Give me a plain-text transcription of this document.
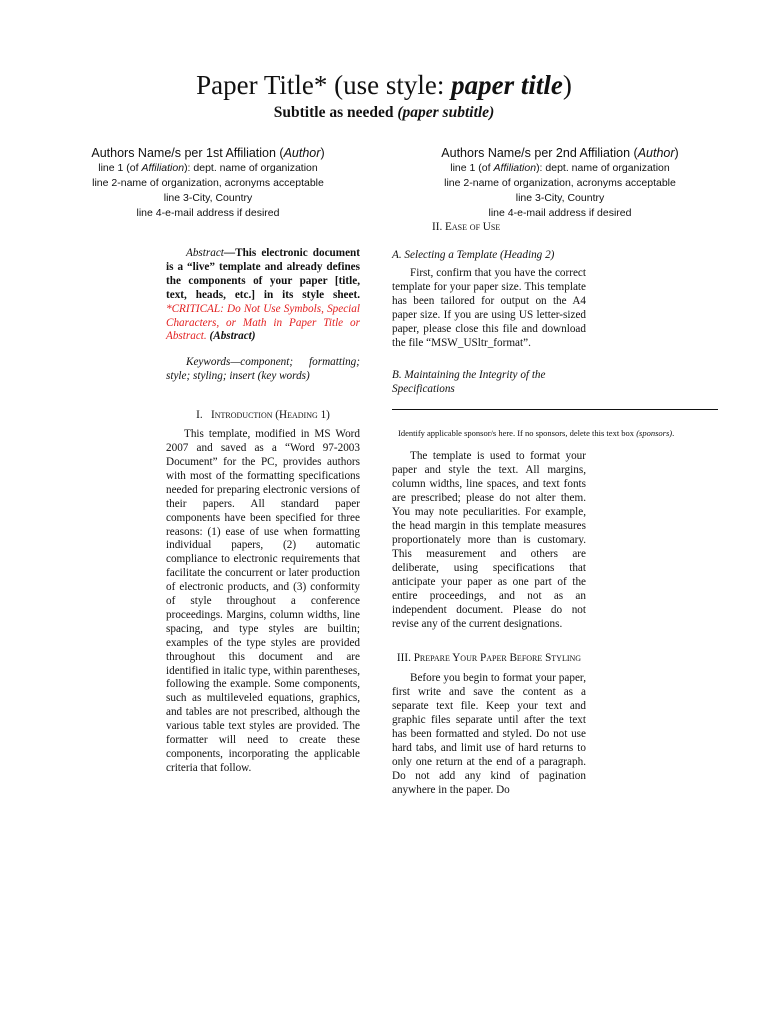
Paper Title* (use style: paper title)
Subtitle as needed (paper subtitle)
Authors Name/s per 1st Affiliation (Author)
line 1 (of Affiliation): dept. name of organization
line 2-name of organization, acronyms acceptable
line 3-City, Country
line 4-e-mail address if desired
Authors Name/s per 2nd Affiliation (Author)
line 1 (of Affiliation): dept. name of organization
line 2-name of organization, acronyms acceptable
line 3-City, Country
line 4-e-mail address if desired

Abstract—This electronic document is a “live” template and already defines the components of your paper [title, text, heads, etc.] in its style sheet. *CRITICAL: Do Not Use Symbols, Special Characters, or Math in Paper Title or Abstract. (Abstract)

Keywords—component; formatting; style; styling; insert (key words)

I. Introduction (Heading 1)

This template, modified in MS Word 2007 and saved as a “Word 97-2003 Document” for the PC, provides authors with most of the formatting specifications needed for preparing electronic versions of their papers. All standard paper components have been specified for three reasons: (1) ease of use when formatting individual papers, (2) automatic compliance to electronic requirements that facilitate the concurrent or later production of electronic products, and (3) conformity of style throughout a conference proceedings. Margins, column widths, line spacing, and type styles are builtin; examples of the type styles are provided throughout this document and are identified in italic type, within parentheses, following the example. Some components, such as multileveled equations, graphics, and tables are not prescribed, although the various table text styles are provided. The formatter will need to create these components, incorporating the applicable criteria that follow.

II. Ease of Use
A. Selecting a Template (Heading 2)

First, confirm that you have the correct template for your paper size. This template has been tailored for output on the A4 paper size. If you are using US letter-sized paper, please close this file and download the file “MSW_USltr_format”.

B. Maintaining the Integrity of the Specifications
Identify applicable sponsor/s here. If no sponsors, delete this text box (sponsors).

The template is used to format your paper and style the text. All margins, column widths, line spaces, and text fonts are prescribed; please do not alter them. You may note peculiarities. For example, the head margin in this template measures proportionately more than is customary. This measurement and others are deliberate, using specifications that anticipate your paper as one part of the entire proceedings, and not as an independent document. Please do not revise any of the current designations.

III. Prepare Your Paper Before Styling

Before you begin to format your paper, first write and save the content as a separate text file. Keep your text and graphic files separate until after the text has been formatted and styled. Do not use hard tabs, and limit use of hard returns to only one return at the end of a paragraph. Do not add any kind of pagination anywhere in the paper. Do
